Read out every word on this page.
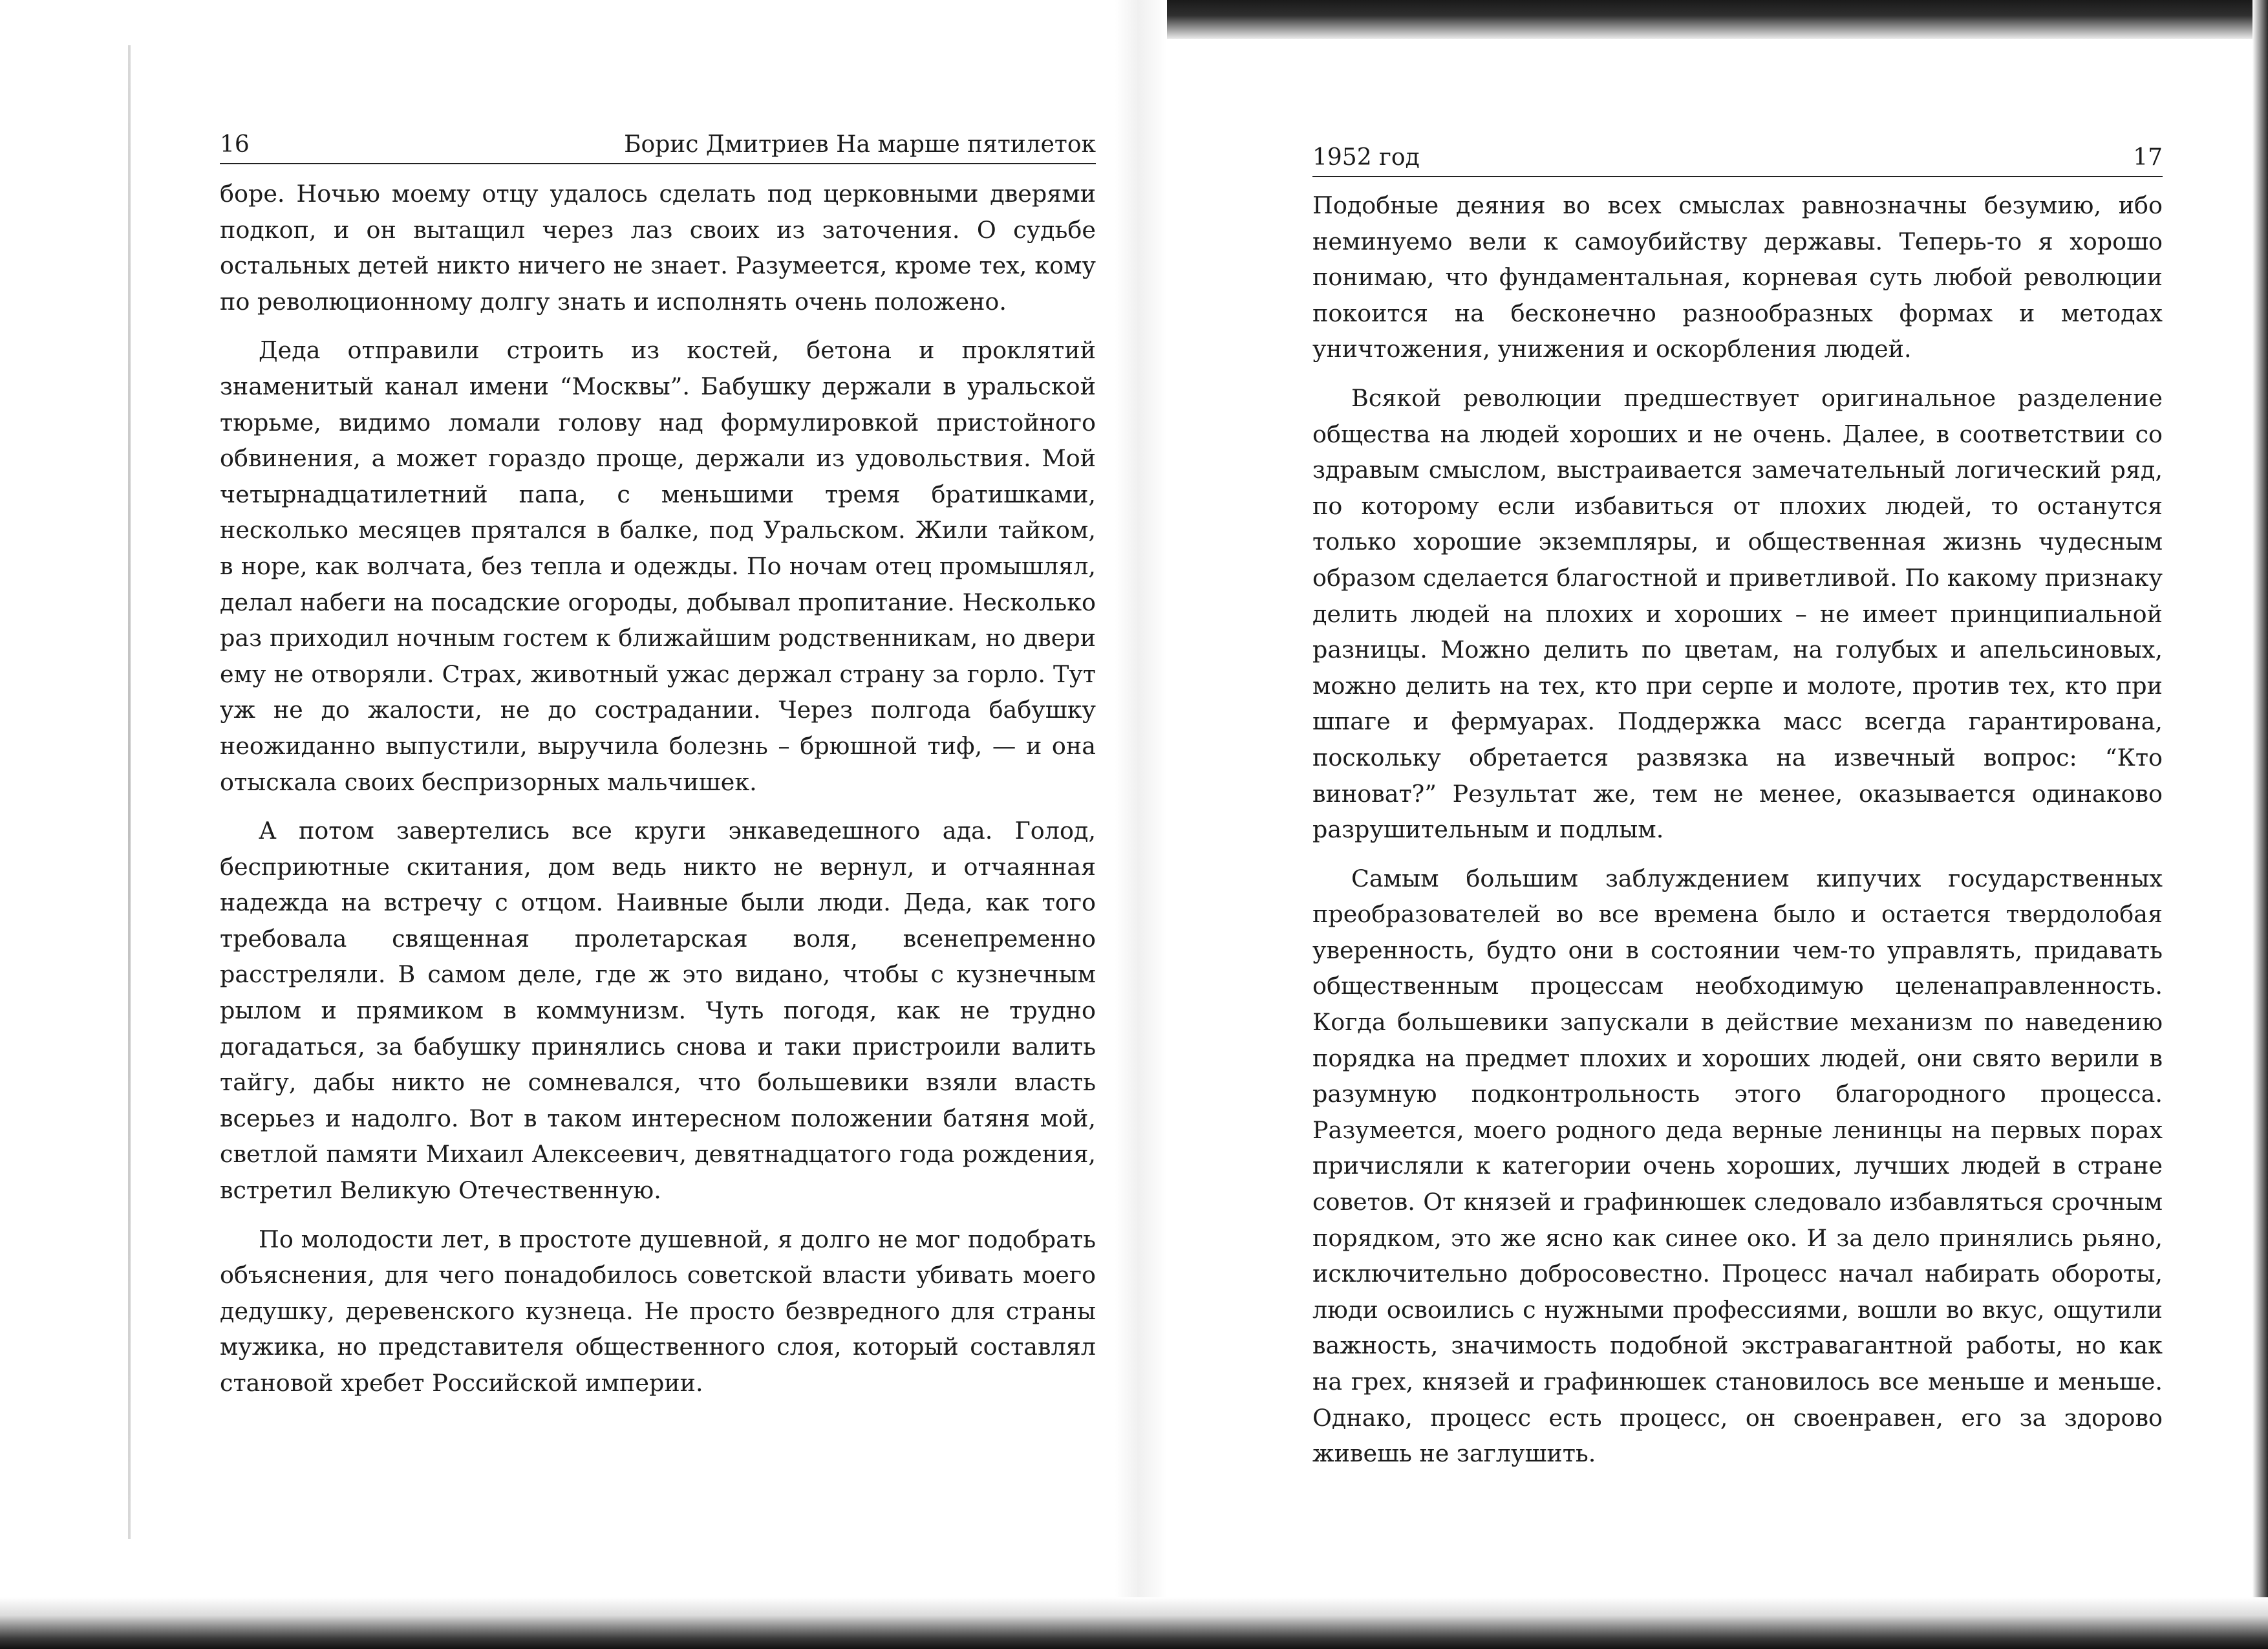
16	Борис Дмитриев На марше пятилеток

боре. Ночью моему отцу удалось сделать под церковными дверями подкоп, и он вытащил через лаз своих из заточения. О судьбе остальных детей никто ничего не знает. Разумеется, кроме тех, кому по революционному долгу знать и исполнять очень положено.

Деда отправили строить из костей, бетона и проклятий знаменитый канал имени “Москвы”. Бабушку держали в уральской тюрьме, видимо ломали голову над формулировкой пристойного обвинения, а может гораздо проще, держали из удовольствия. Мой четырнадцатилетний папа, с меньшими тремя братишками, несколько месяцев прятался в балке, под Уральском. Жили тайком, в норе, как волчата, без тепла и одежды. По ночам отец промышлял, делал набеги на посадские огороды, добывал пропитание. Несколько раз приходил ночным гостем к ближайшим родственникам, но двери ему не отворяли. Страх, животный ужас держал страну за горло. Тут уж не до жалости, не до сострадании. Через полгода бабушку неожиданно выпустили, выручила болезнь – брюшной тиф, — и она отыскала своих беспризорных мальчишек.

А потом завертелись все круги энкаведешного ада. Голод, бесприютные скитания, дом ведь никто не вернул, и отчаянная надежда на встречу с отцом. Наивные были люди. Деда, как того требовала священная пролетарская воля, всенепременно расстреляли. В самом деле, где ж это видано, чтобы с кузнечным рылом и прямиком в коммунизм. Чуть погодя, как не трудно догадаться, за бабушку принялись снова и таки пристроили валить тайгу, дабы никто не сомневался, что большевики взяли власть всерьез и надолго. Вот в таком интересном положении батяня мой, светлой памяти Михаил Алексеевич, девятнадцатого года рождения, встретил Великую Отечественную.

По молодости лет, в простоте душевной, я долго не мог подобрать объяснения, для чего понадобилось советской власти убивать моего дедушку, деревенского кузнеца. Не просто безвредного для страны мужика, но представителя общественного слоя, который составлял становой хребет Российской империи.

1952 год	17

Подобные деяния во всех смыслах равнозначны безумию, ибо неминуемо вели к самоубийству державы. Теперь-то я хорошо понимаю, что фундаментальная, корневая суть любой революции покоится на бесконечно разнообразных формах и методах уничтожения, унижения и оскорбления людей.

Всякой революции предшествует оригинальное разделение общества на людей хороших и не очень. Далее, в соответствии со здравым смыслом, выстраивается замечательный логический ряд, по которому если избавиться от плохих людей, то останутся только хорошие экземпляры, и общественная жизнь чудесным образом сделается благостной и приветливой. По какому признаку делить людей на плохих и хороших – не имеет принципиальной разницы. Можно делить по цветам, на голубых и апельсиновых, можно делить на тех, кто при серпе и молоте, против тех, кто при шпаге и фермуарах. Поддержка масс всегда гарантирована, поскольку обретается развязка на извечный вопрос: “Кто виноват?” Результат же, тем не менее, оказывается одинаково разрушительным и подлым.

Самым большим заблуждением кипучих государственных преобразователей во все времена было и остается твердолобая уверенность, будто они в состоянии чем-то управлять, придавать общественным процессам необходимую целенаправленность. Когда большевики запускали в действие механизм по наведению порядка на предмет плохих и хороших людей, они свято верили в разумную подконтрольность этого благородного процесса. Разумеется, моего родного деда верные ленинцы на первых порах причисляли к категории очень хороших, лучших людей в стране советов. От князей и графинюшек следовало избавляться срочным порядком, это же ясно как синее око. И за дело принялись рьяно, исключительно добросовестно. Процесс начал набирать обороты, люди освоились с нужными профессиями, вошли во вкус, ощутили важность, значимость подобной экстравагантной работы, но как на грех, князей и графинюшек становилось все меньше и меньше. Однако, процесс есть процесс, он своенравен, его за здорово живешь не заглушить.
